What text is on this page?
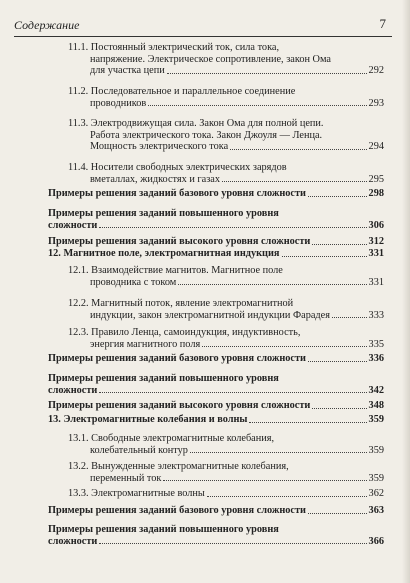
Содержание	7
11.1. Постоянный электрический ток, сила тока,
напряжение. Электрическое сопротивление, закон Ома
для участка цепи	292
11.2. Последовательное и параллельное соединение
проводников	293
11.3. Электродвижущая сила. Закон Ома для полной цепи.
Работа электрического тока. Закон Джоуля — Ленца.
Мощность электрического тока	294
11.4. Носители свободных электрических зарядов
вметаллах, жидкостях и газах	295
Примеры решения заданий базового уровня сложности	298
Примеры решения заданий повышенного уровня
сложности	306
Примеры решения заданий высокого уровня сложности	312
12. Магнитное поле, электромагнитная индукция	331
12.1. Взаимодействие магнитов. Магнитное поле
проводника с током	331
12.2. Магнитный поток, явление электромагнитной
индукции, закон электромагнитной индукции Фарадея	333
12.3. Правило Ленца, самоиндукция, индуктивность,
энергия магнитного поля	335
Примеры решения заданий базового уровня сложности	336
Примеры решения заданий повышенного уровня
сложности	342
Примеры решения заданий высокого уровня сложности	348
13. Электромагнитные колебания и волны	359
13.1. Свободные электромагнитные колебания,
колебательный контур	359
13.2. Вынужденные электромагнитные колебания,
переменный ток	359
13.3. Электромагнитные волны	362
Примеры решения заданий базового уровня сложности	363
Примеры решения заданий повышенного уровня
сложности	366
